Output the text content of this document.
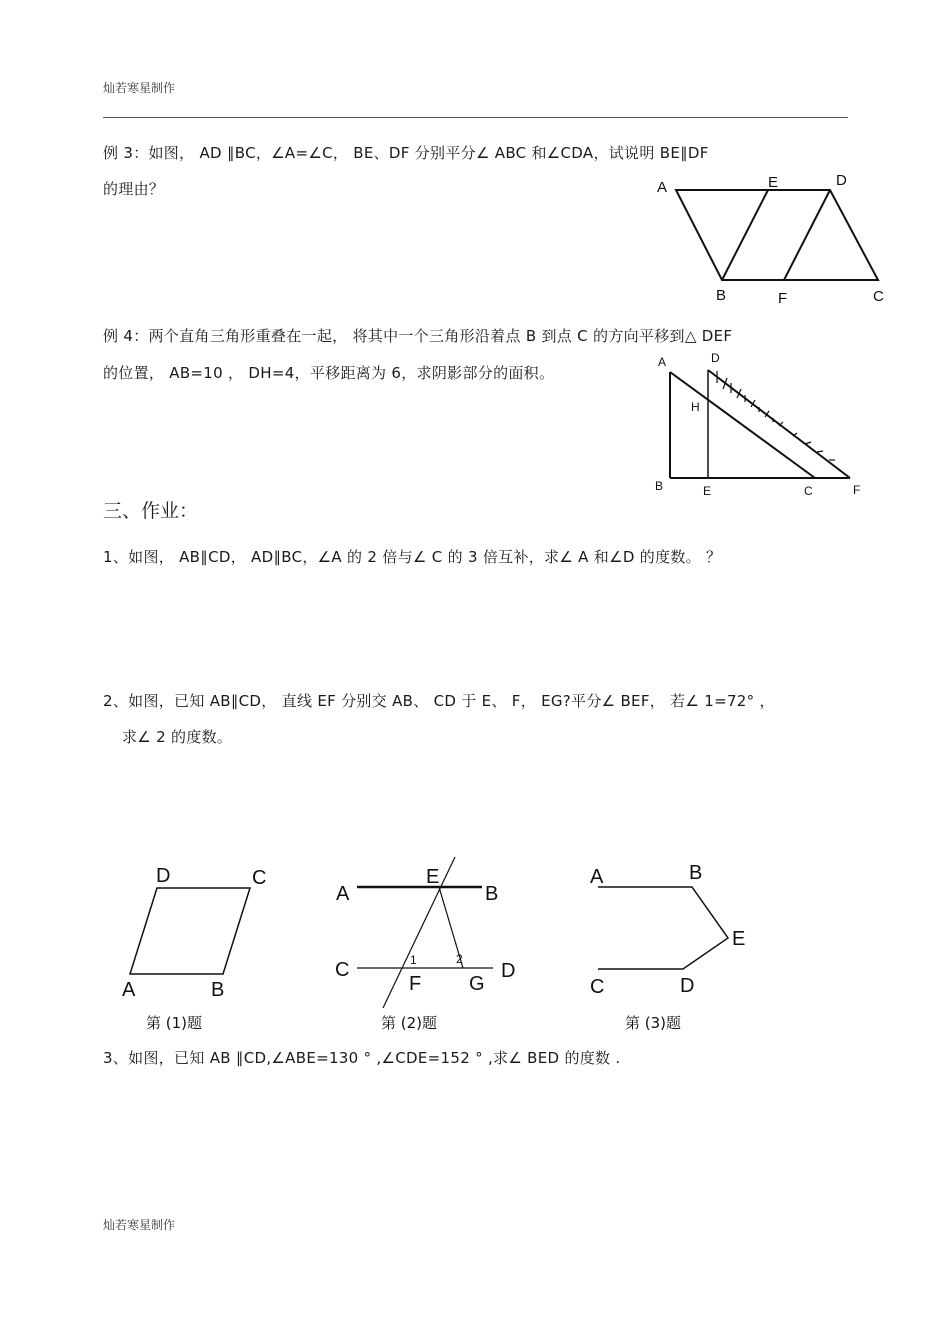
灿若寒星制作
例 3：如图， AD ∥BC，∠A=∠C， BE、DF 分别平分∠ ABC 和∠CDA，试说明 BE∥DF
的理由？	A	E	D
B	F	C
例 4：两个直角三角形重叠在一起， 将其中一个三角形沿着点 B 到点 C 的方向平移到△ DEF
的位置， AB=10 ， DH=4，平移距离为 6，求阴影部分的面积。
A	D
H
B	E	C	F
三、作业：
1、如图， AB∥CD， AD∥BC，∠A 的 2 倍与∠ C 的 3 倍互补，求∠ A 和∠D 的度数。 ？
2、如图，已知 AB∥CD， 直线 EF 分别交 AB、 CD 于 E、 F， EG?平分∠ BEF， 若∠ 1=72° ，
求∠ 2 的度数。
D	C
A	B
第 (1)题
A
E
B
C	1	2
D
F G
第 (2)题
A	B
E
C	D
第 (3)题
3、如图，已知 AB ∥CD,∠ABE=130 ° ,∠CDE=152 ° ,求∠ BED 的度数 .
灿若寒星制作
